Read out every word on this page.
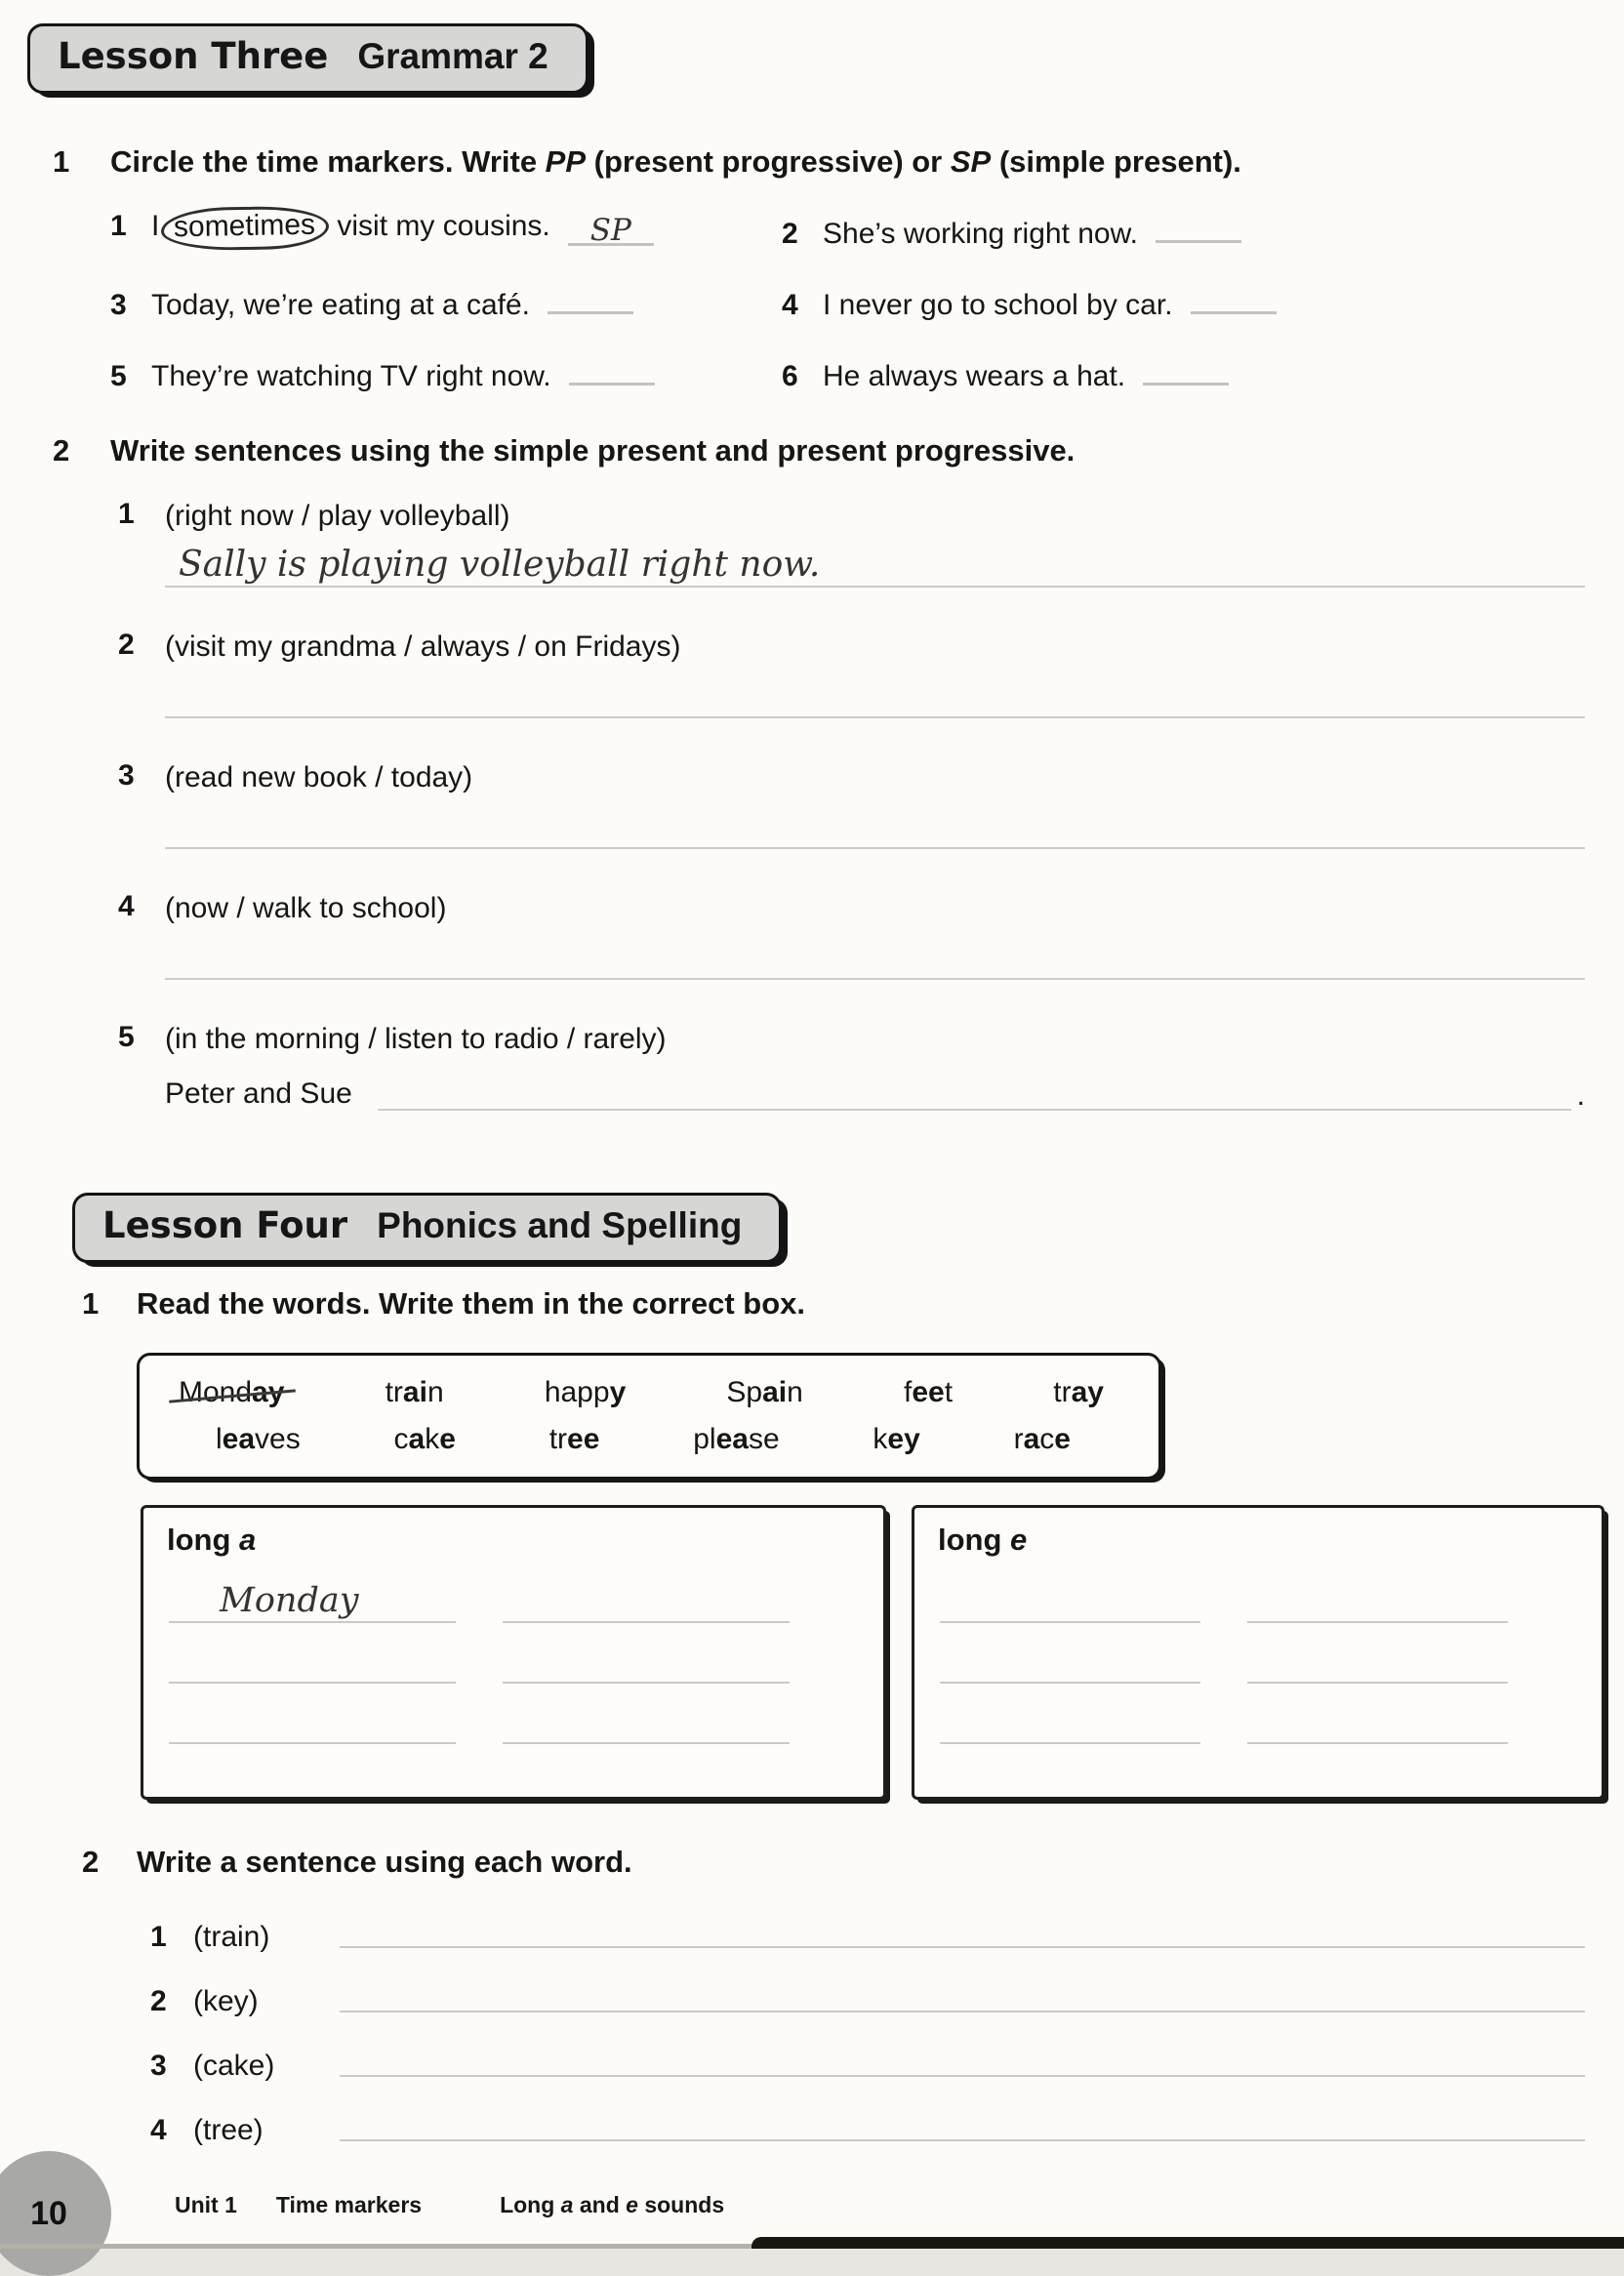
Lesson Three Grammar 2
1	Circle the time markers. Write PP (present progressive) or SP (simple present).
1 I sometimes visit my cousins. SP	2 She’s working right now.
3 Today, we’re eating at a café.	4 I never go to school by car.
5 They’re watching TV right now.	6 He always wears a hat.
2	Write sentences using the simple present and present progressive.
1 (right now / play volleyball)
Sally is playing volleyball right now.
2 (visit my grandma / always / on Fridays)
3 (read new book / today)
4 (now / walk to school)
5 (in the morning / listen to radio / rarely)
Peter and Sue	.
Lesson Four Phonics and Spelling
1	Read the words. Write them in the correct box.
Monday	train	happy	Spain	feet	tray
leaves	cake	tree	please	key	race
long a
Monday
long e
2	Write a sentence using each word.
1 (train)
2 (key)
3 (cake)
4 (tree)
10	Unit 1 Time markers	Long a and e sounds
